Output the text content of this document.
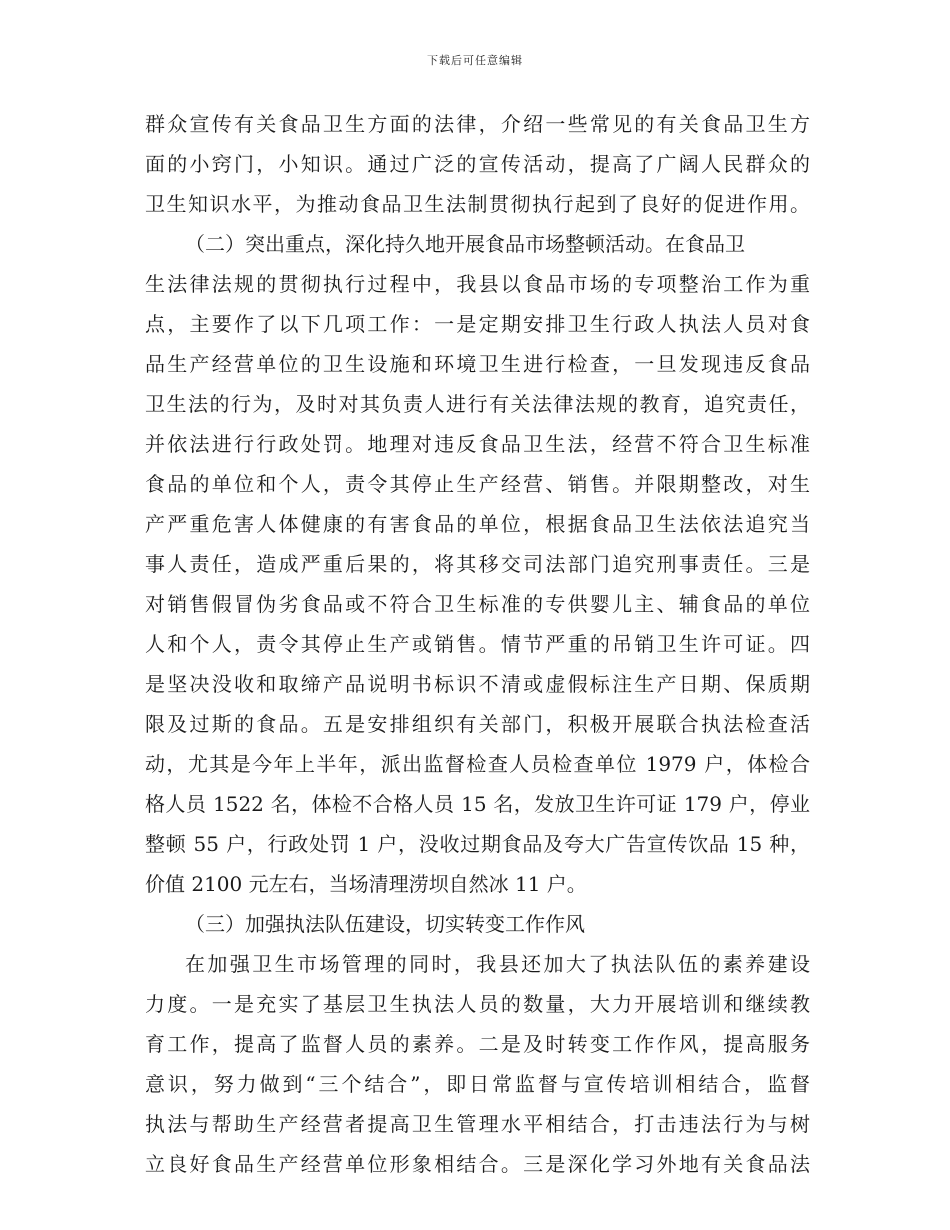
下载后可任意编辑
群众宣传有关食品卫生方面的法律，介绍一些常见的有关食品卫生方
面的小窍门，小知识。通过广泛的宣传活动，提高了广阔人民群众的
卫生知识水平，为推动食品卫生法制贯彻执行起到了良好的促进作用。
（二）突出重点，深化持久地开展食品市场整顿活动。在食品卫
生法律法规的贯彻执行过程中，我县以食品市场的专项整治工作为重
点，主要作了以下几项工作：一是定期安排卫生行政人执法人员对食
品生产经营单位的卫生设施和环境卫生进行检查，一旦发现违反食品
卫生法的行为，及时对其负责人进行有关法律法规的教育，追究责任，
并依法进行行政处罚。地理对违反食品卫生法，经营不符合卫生标准
食品的单位和个人，责令其停止生产经营、销售。并限期整改，对生
产严重危害人体健康的有害食品的单位，根据食品卫生法依法追究当
事人责任，造成严重后果的，将其移交司法部门追究刑事责任。三是
对销售假冒伪劣食品或不符合卫生标准的专供婴儿主、辅食品的单位
人和个人，责令其停止生产或销售。情节严重的吊销卫生许可证。四
是坚决没收和取缔产品说明书标识不清或虚假标注生产日期、保质期
限及过斯的食品。五是安排组织有关部门，积极开展联合执法检查活
动，尤其是今年上半年，派出监督检查人员检查单位 1979 户，体检合
格人员 1522 名，体检不合格人员 15 名，发放卫生许可证 179 户，停业
整顿 55 户，行政处罚 1 户，没收过期食品及夸大广告宣传饮品 15 种，
价值 2100 元左右，当场清理涝坝自然冰 11 户。
（三）加强执法队伍建设，切实转变工作作风
在加强卫生市场管理的同时，我县还加大了执法队伍的素养建设
力度。一是充实了基层卫生执法人员的数量，大力开展培训和继续教
育工作，提高了监督人员的素养。二是及时转变工作作风，提高服务
意识，努力做到“三个结合”，即日常监督与宣传培训相结合，监督
执法与帮助生产经营者提高卫生管理水平相结合，打击违法行为与树
立良好食品生产经营单位形象相结合。三是深化学习外地有关食品法
